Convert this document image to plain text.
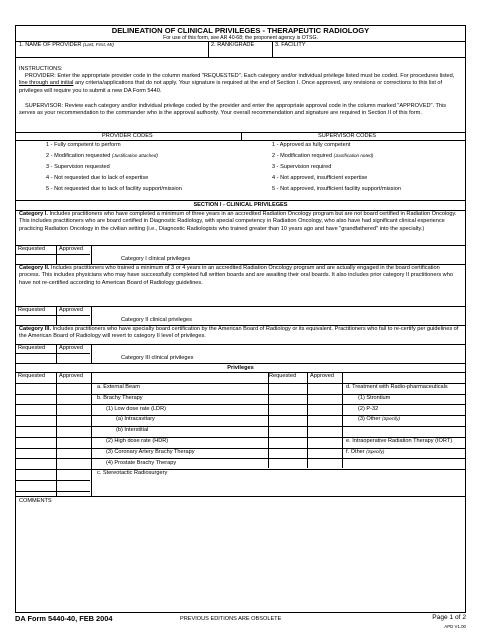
DELINEATION OF CLINICAL PRIVILEGES - THERAPEUTIC RADIOLOGY
For use of this form, see AR 40-68; the proponent agency is OTSG.
1. NAME OF PROVIDER (Last, First, MI)	2. RANK/GRADE	3. FACILITY
INSTRUCTIONS:
PROVIDER: Enter the appropriate provider code in the column marked "REQUESTED". Each category and/or individual privilege listed must be coded. For procedures listed, line through and initial any criteria/applications that do not apply. Your signature is required at the end of Section I. Once approved, any revisions or corrections to this list of privileges will require you to submit a new DA Form 5440.
SUPERVISOR: Review each category and/or individual privilege coded by the provider and enter the appropriate approval code in the column marked "APPROVED". This serves as your recommendation to the commander who is the approval authority. Your overall recommendation and signature are required in Section II of this form.
PROVIDER CODES	SUPERVISOR CODES
1 - Fully competent to perform
2 - Modification requested (Justification attached)
3 - Supervision requested
4 - Not requested due to lack of expertise
5 - Not requested due to lack of facility support/mission
1 - Approved as fully competent
2 - Modification required (Justification noted)
3 - Supervision required
4 - Not approved, insufficient expertise
5 - Not approved, insufficient facility support/mission
SECTION I - CLINICAL PRIVILEGES
Category I. Includes practitioners who have completed a minimum of three years in an accredited Radiation Oncology program but are not board certified in Radiation Oncology. This includes practitioners who are board certified in Diagnostic Radiology, with special competency in Radiation Oncology, who also have had significant clinical experience practicing Radiation Oncology in the civilian setting (i.e., Diagnostic Radiologists who trained greater than 10 years ago and have "grandfathered" into the specialty.)
Requested Approved
Category I clinical privileges
Category II. Includes practitioners who trained a minimum of 3 or 4 years in an accredited Radiation Oncology program and are actually engaged in the board certification process. This includes physicians who may have successfully completed full written boards and are awaiting their oral boards. It also includes prior category II practitioners who have not re-certified according to American Board of Radiology guidelines.
Requested Approved
Category II clinical privileges
Category III. Includes practitioners who have specialty board certification by the American Board of Radiology or its equivalent. Practitioners who fail to re-certify per guidelines of the American Board of Radiology will revert to category II level of privileges.
Requested Approved
Category III clinical privileges
Privileges
Requested Approved	Requested Approved
a. External Beam
b. Brachy Therapy
(1) Low dose rate (LDR)
(a) Intracavitary
(b) Interstitial
(2) High dose rate (HDR)
(3) Coronary Artery Brachy Therapy
(4) Prostate Brachy Therapy
c. Stereotactic Radiosurgery
d. Treatment with Radio-pharmaceuticals
(1) Strontium
(2) P-32
(3) Other (Specify)
e. Intraoperative Radiation Therapy (IORT)
f. Other (Specify)
COMMENTS
DA Form 5440-40, FEB 2004	PREVIOUS EDITIONS ARE OBSOLETE	Page 1 of 2
APD V1.00
